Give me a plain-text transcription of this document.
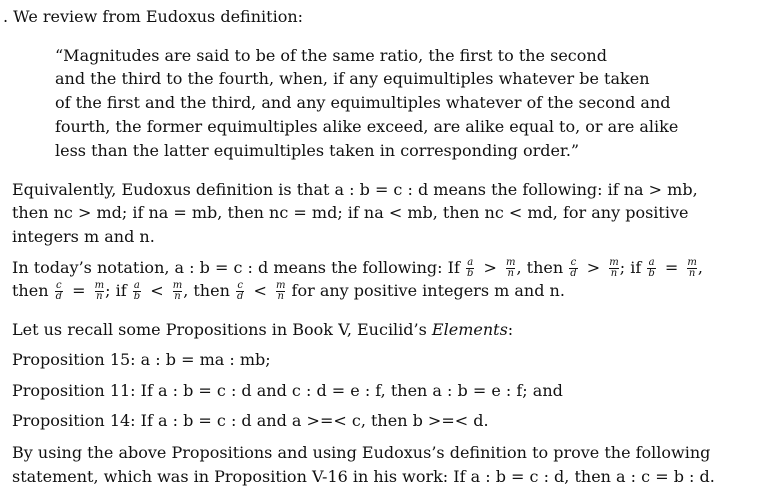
. We review from Eudoxus definition:
“Magnitudes are said to be of the same ratio, the first to the second
and the third to the fourth, when, if any equimultiples whatever be taken
of the first and the third, and any equimultiples whatever of the second and
fourth, the former equimultiples alike exceed, are alike equal to, or are alike
less than the latter equimultiples taken in corresponding order.”
Equivalently, Eudoxus definition is that a : b = c : d means the following: if na > mb,
then nc > md; if na = mb, then nc = md; if na < mb, then nc < md, for any positive
integers m and n.
In today’s notation, a : b = c : d means the following: If $\frac{a}{b} > \frac{m}{n}$ , then $\frac{c}{d} > \frac{m}{n}$ ; if $\frac{a}{b} = \frac{m}{n}$ ,
then $\frac{c}{d} = \frac{m}{n}$ ; if $\frac{a}{b} < \frac{m}{n}$ , then $\frac{c}{d} < \frac{m}{n}$ for any positive integers m and n.
Let us recall some Propositions in Book V, Eucilid’s Elements:
Proposition 15: a : b = ma : mb;
Proposition 11: If a : b = c : d and c : d = e : f, then a : b = e : f; and
Proposition 14: If a : b = c : d and a >=< c, then b >=< d.
By using the above Propositions and using Eudoxus’s definition to prove the following
statement, which was in Proposition V-16 in his work: If a : b = c : d, then a : c = b : d.
